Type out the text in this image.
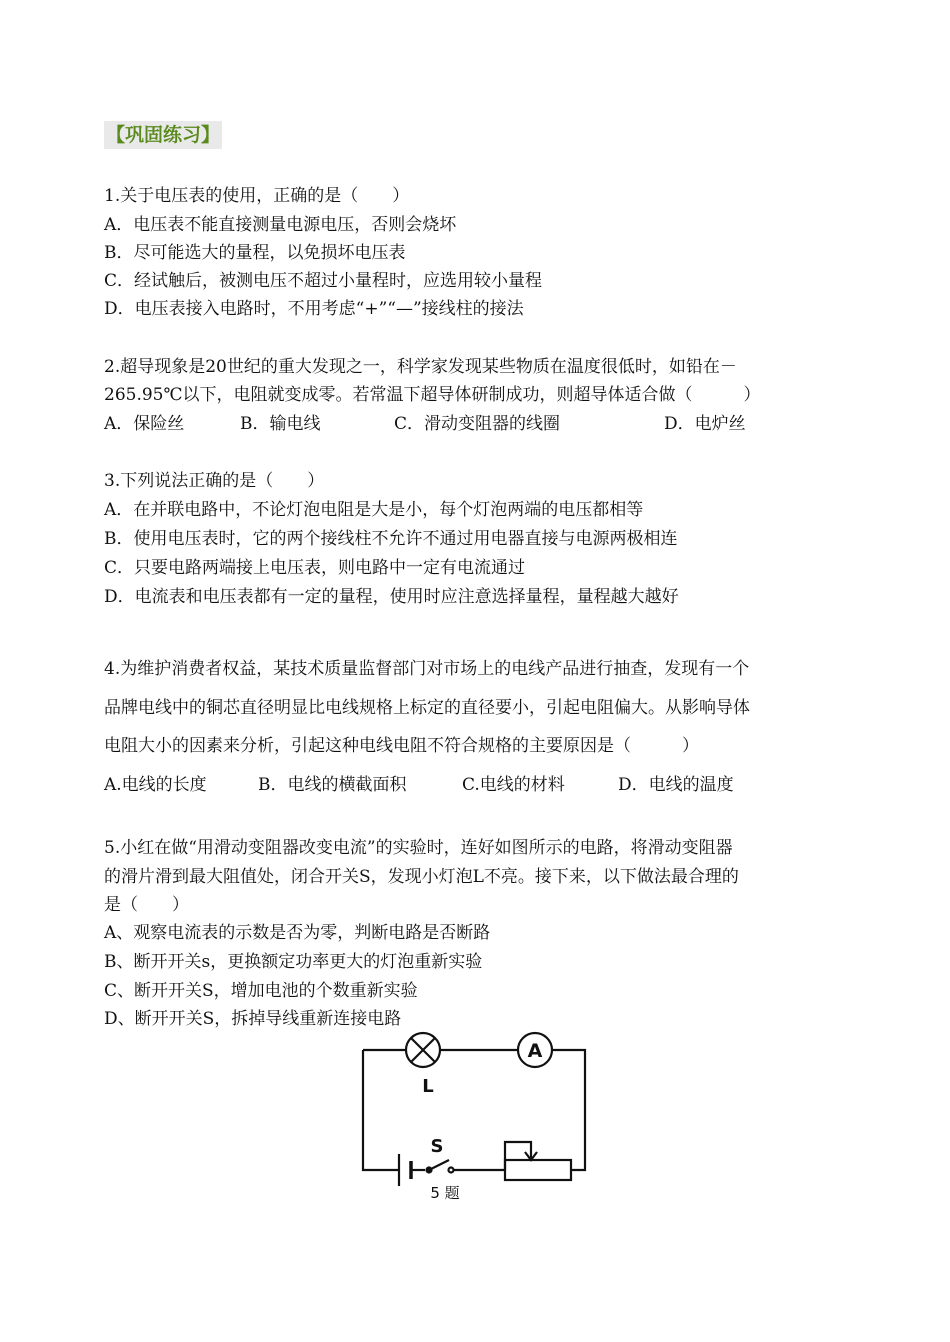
【巩固练习】
1.关于电压表的使用，正确的是（　　）
A．电压表不能直接测量电源电压，否则会烧坏
B．尽可能选大的量程，以免损坏电压表
C．经试触后，被测电压不超过小量程时，应选用较小量程
D．电压表接入电路时，不用考虑“+”“—”接线柱的接法
2.超导现象是20世纪的重大发现之一，科学家发现某些物质在温度很低时，如铅在－
265.95℃以下，电阻就变成零。若常温下超导体研制成功，则超导体适合做（　　　）
A．保险丝	B．输电线	C．滑动变阻器的线圈	D．电炉丝
3.下列说法正确的是（　　）
A．在并联电路中，不论灯泡电阻是大是小，每个灯泡两端的电压都相等
B．使用电压表时，它的两个接线柱不允许不通过用电器直接与电源两极相连
C．只要电路两端接上电压表，则电路中一定有电流通过
D．电流表和电压表都有一定的量程，使用时应注意选择量程，量程越大越好
4.为维护消费者权益，某技术质量监督部门对市场上的电线产品进行抽查，发现有一个
品牌电线中的铜芯直径明显比电线规格上标定的直径要小，引起电阻偏大。从影响导体
电阻大小的因素来分析，引起这种电线电阻不符合规格的主要原因是（　　　）
A.电线的长度	B．电线的横截面积	C.电线的材料	D．电线的温度
5.小红在做“用滑动变阻器改变电流”的实验时，连好如图所示的电路，将滑动变阻器
的滑片滑到最大阻值处，闭合开关S，发现小灯泡L不亮。接下来，以下做法最合理的
是（　　）
A、观察电流表的示数是否为零，判断电路是否断路
B、断开开关s，更换额定功率更大的灯泡重新实验
C、断开开关S，增加电池的个数重新实验
D、断开开关S，拆掉导线重新连接电路
L
A
S
5 题
